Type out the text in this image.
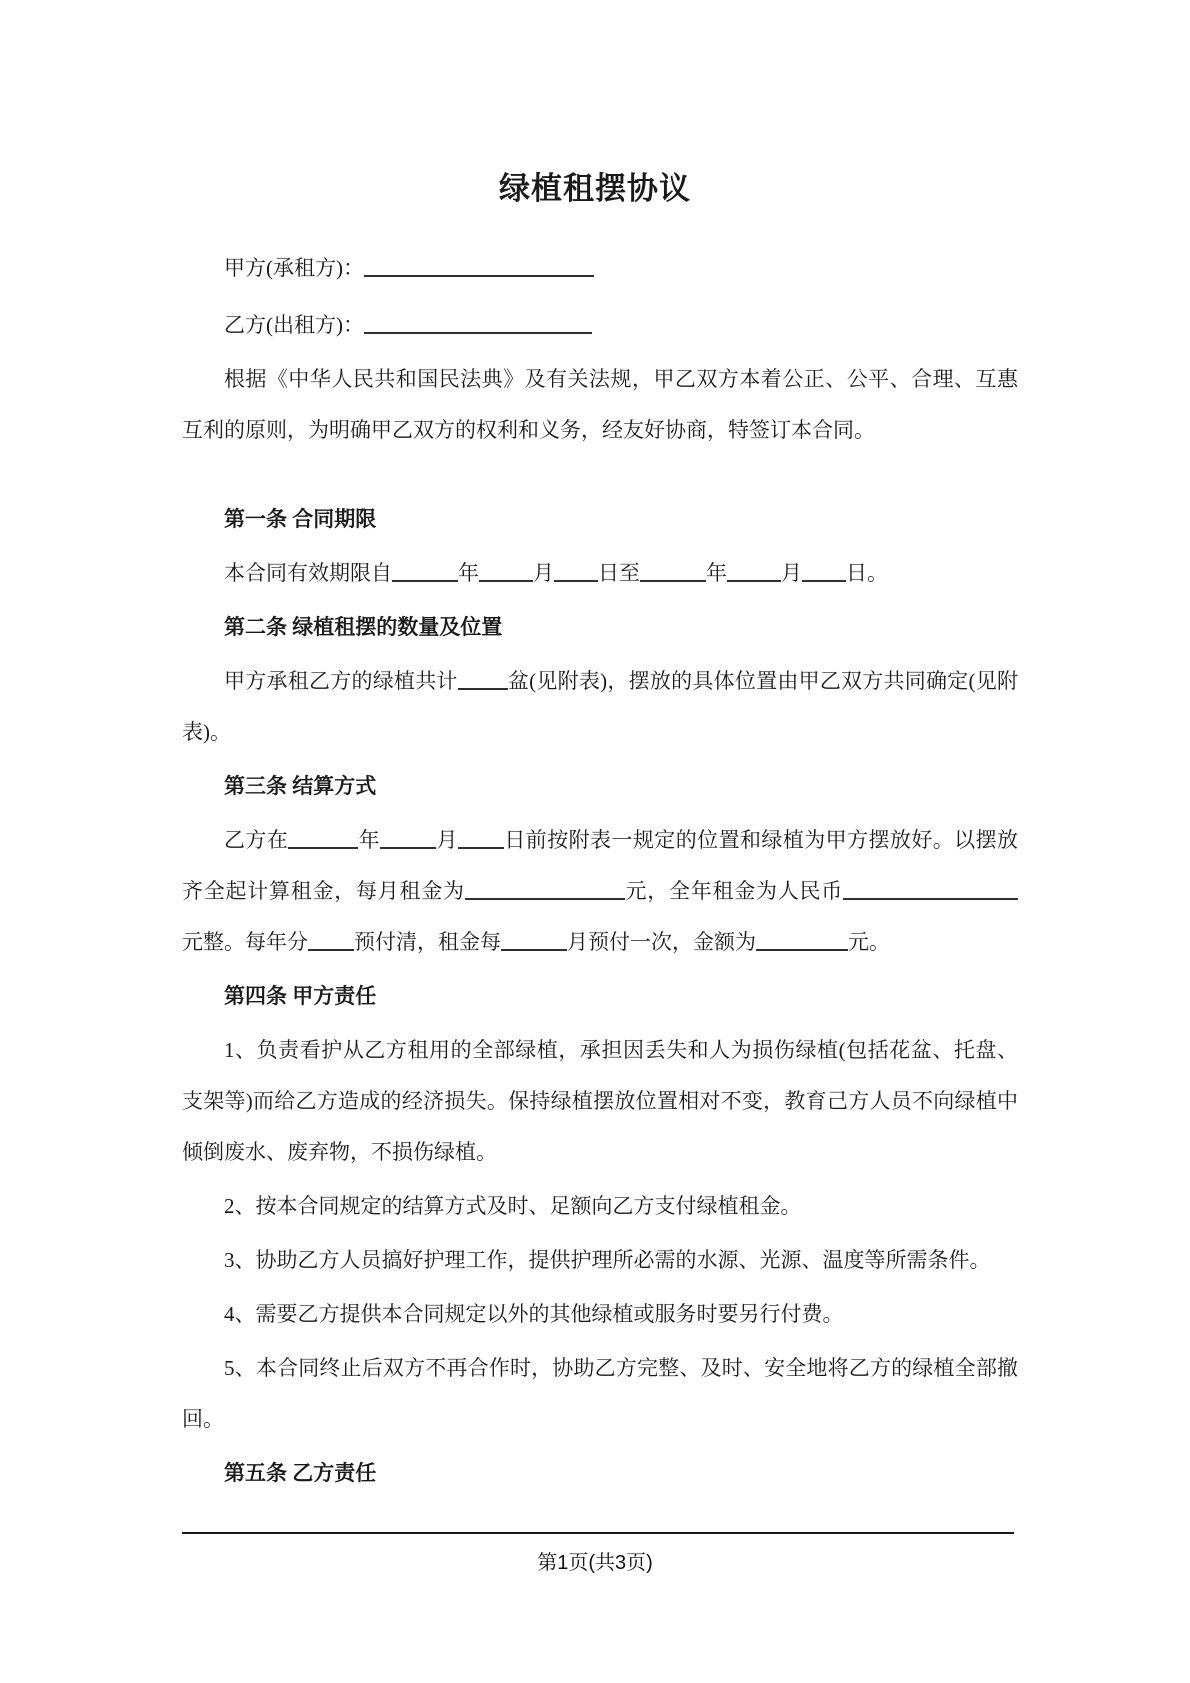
绿植租摆协议
甲方(承租方)：
乙方(出租方)：
根据《中华人民共和国民法典》及有关法规，甲乙双方本着公正、公平、合理、互惠互利的原则，为明确甲乙双方的权利和义务，经友好协商，特签订本合同。
第一条 合同期限
本合同有效期限自	年	月 日至	年	月 日。
第二条 绿植租摆的数量及位置
甲方承租乙方的绿植共计 盆(见附表)，摆放的具体位置由甲乙双方共同确定(见附表)。
第三条 结算方式
乙方在	年	月 日前按附表一规定的位置和绿植为甲方摆放好。以摆放齐全起计算租金，每月租金为	元，全年租金为人民币元整。每年分 预付清，租金每	月预付一次，金额为	元。
第四条 甲方责任
1、负责看护从乙方租用的全部绿植，承担因丢失和人为损伤绿植(包括花盆、托盘、支架等)而给乙方造成的经济损失。保持绿植摆放位置相对不变，教育己方人员不向绿植中倾倒废水、废弃物，不损伤绿植。
2、按本合同规定的结算方式及时、足额向乙方支付绿植租金。
3、协助乙方人员搞好护理工作，提供护理所必需的水源、光源、温度等所需条件。
4、需要乙方提供本合同规定以外的其他绿植或服务时要另行付费。
5、本合同终止后双方不再合作时，协助乙方完整、及时、安全地将乙方的绿植全部撤回。
第五条 乙方责任
第1页(共3页)
